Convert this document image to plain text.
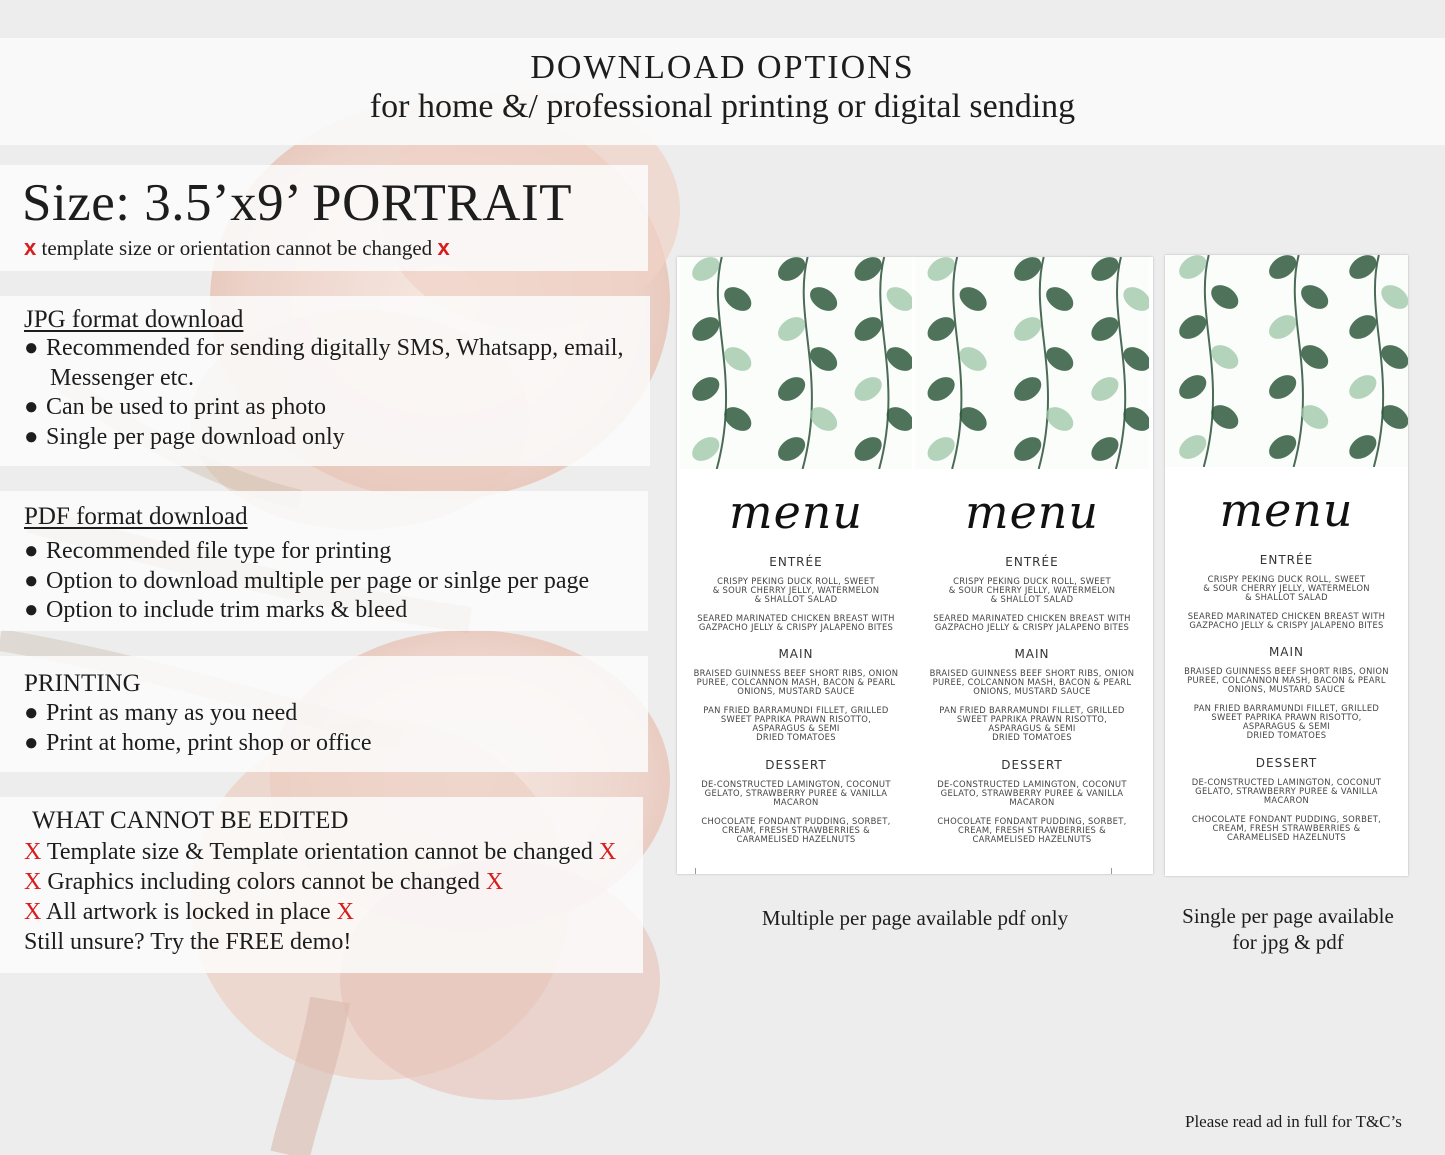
DOWNLOAD OPTIONS
for home &/ professional printing or digital sending
Size: 3.5’x9’ PORTRAIT
x template size or orientation cannot be changed x
JPG format download
● Recommended for sending digitally SMS, Whatsapp, email,
Messenger etc.
● Can be used to print as photo
● Single per page download only
PDF format download
● Recommended file type for printing
● Option to download multiple per page or sinlge per page
● Option to include trim marks & bleed
PRINTING
● Print as many as you need
● Print at home, print shop or office
WHAT CANNOT BE EDITED
X Template size & Template orientation cannot be changed X
X Graphics including colors cannot be changed X
X All artwork is locked in place X
Still unsure? Try the FREE demo!
menu
ENTRÉE
CRISPY PEKING DUCK ROLL, SWEET
& SOUR CHERRY JELLY, WATERMELON
& SHALLOT SALAD
SEARED MARINATED CHICKEN BREAST WITH
GAZPACHO JELLY & CRISPY JALAPENO BITES
MAIN
BRAISED GUINNESS BEEF SHORT RIBS, ONION
PUREE, COLCANNON MASH, BACON & PEARL
ONIONS, MUSTARD SAUCE
PAN FRIED BARRAMUNDI FILLET, GRILLED
SWEET PAPRIKA PRAWN RISOTTO,
ASPARAGUS & SEMI
DRIED TOMATOES
DESSERT
DE-CONSTRUCTED LAMINGTON, COCONUT
GELATO, STRAWBERRY PUREE & VANILLA
MACARON
CHOCOLATE FONDANT PUDDING, SORBET,
CREAM, FRESH STRAWBERRIES &
CARAMELISED HAZELNUTS
menu
ENTRÉE
CRISPY PEKING DUCK ROLL, SWEET
& SOUR CHERRY JELLY, WATERMELON
& SHALLOT SALAD
SEARED MARINATED CHICKEN BREAST WITH
GAZPACHO JELLY & CRISPY JALAPENO BITES
MAIN
BRAISED GUINNESS BEEF SHORT RIBS, ONION
PUREE, COLCANNON MASH, BACON & PEARL
ONIONS, MUSTARD SAUCE
PAN FRIED BARRAMUNDI FILLET, GRILLED
SWEET PAPRIKA PRAWN RISOTTO,
ASPARAGUS & SEMI
DRIED TOMATOES
DESSERT
DE-CONSTRUCTED LAMINGTON, COCONUT
GELATO, STRAWBERRY PUREE & VANILLA
MACARON
CHOCOLATE FONDANT PUDDING, SORBET,
CREAM, FRESH STRAWBERRIES &
CARAMELISED HAZELNUTS
menu
ENTRÉE
CRISPY PEKING DUCK ROLL, SWEET
& SOUR CHERRY JELLY, WATERMELON
& SHALLOT SALAD
SEARED MARINATED CHICKEN BREAST WITH
GAZPACHO JELLY & CRISPY JALAPENO BITES
MAIN
BRAISED GUINNESS BEEF SHORT RIBS, ONION
PUREE, COLCANNON MASH, BACON & PEARL
ONIONS, MUSTARD SAUCE
PAN FRIED BARRAMUNDI FILLET, GRILLED
SWEET PAPRIKA PRAWN RISOTTO,
ASPARAGUS & SEMI
DRIED TOMATOES
DESSERT
DE-CONSTRUCTED LAMINGTON, COCONUT
GELATO, STRAWBERRY PUREE & VANILLA
MACARON
CHOCOLATE FONDANT PUDDING, SORBET,
CREAM, FRESH STRAWBERRIES &
CARAMELISED HAZELNUTS
Multiple per page available pdf only	Single per page available
for jpg & pdf
Please read ad in full for T&C’s
